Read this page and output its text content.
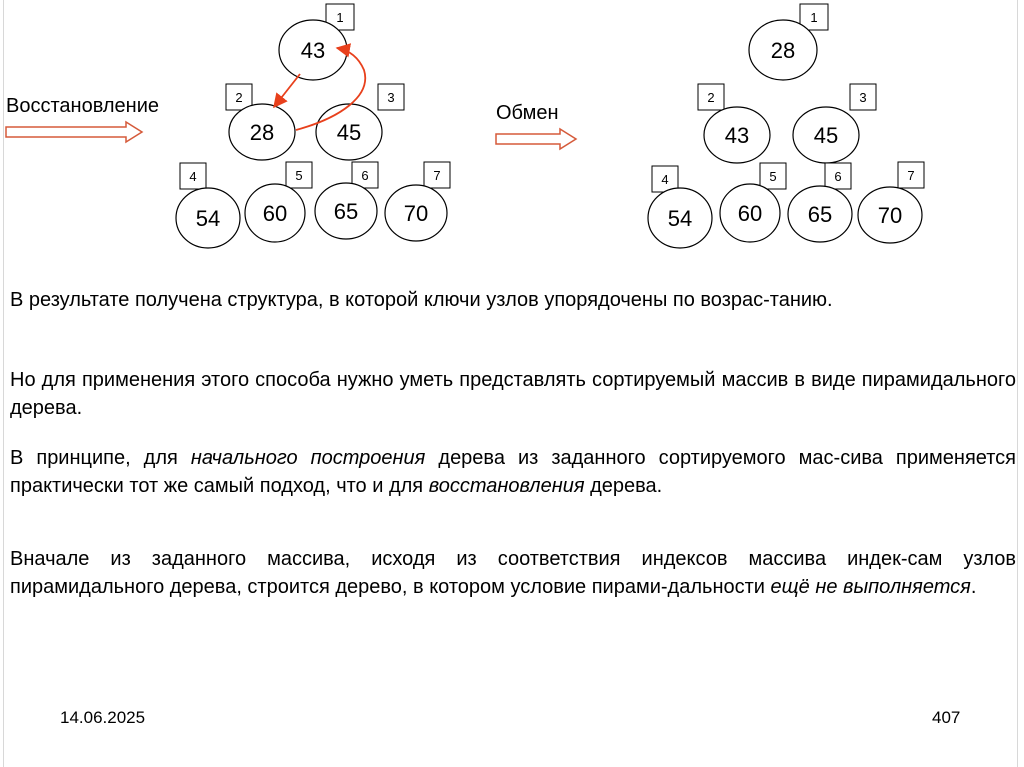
1
43
2
28
3
45
4
54
5
60
6
65
7
70
1
28
2
43
3
45
4
54
5
60
6
65
7
70
Восстановление	Обмен

В результате получена структура, в которой ключи узлов упорядочены по возрас-танию.

Но для применения этого способа нужно уметь представлять сортируемый массив в виде пирамидального дерева.

В принципе, для начального построения дерева из заданного сортируемого мас-сива применяется практически тот же самый подход, что и для восстановления дерева.

Вначале из заданного массива, исходя из соответствия индексов массива индек-сам узлов пирамидального дерева, строится дерево, в котором условие пирами-дальности ещё не выполняется.

14.06.2025	407
